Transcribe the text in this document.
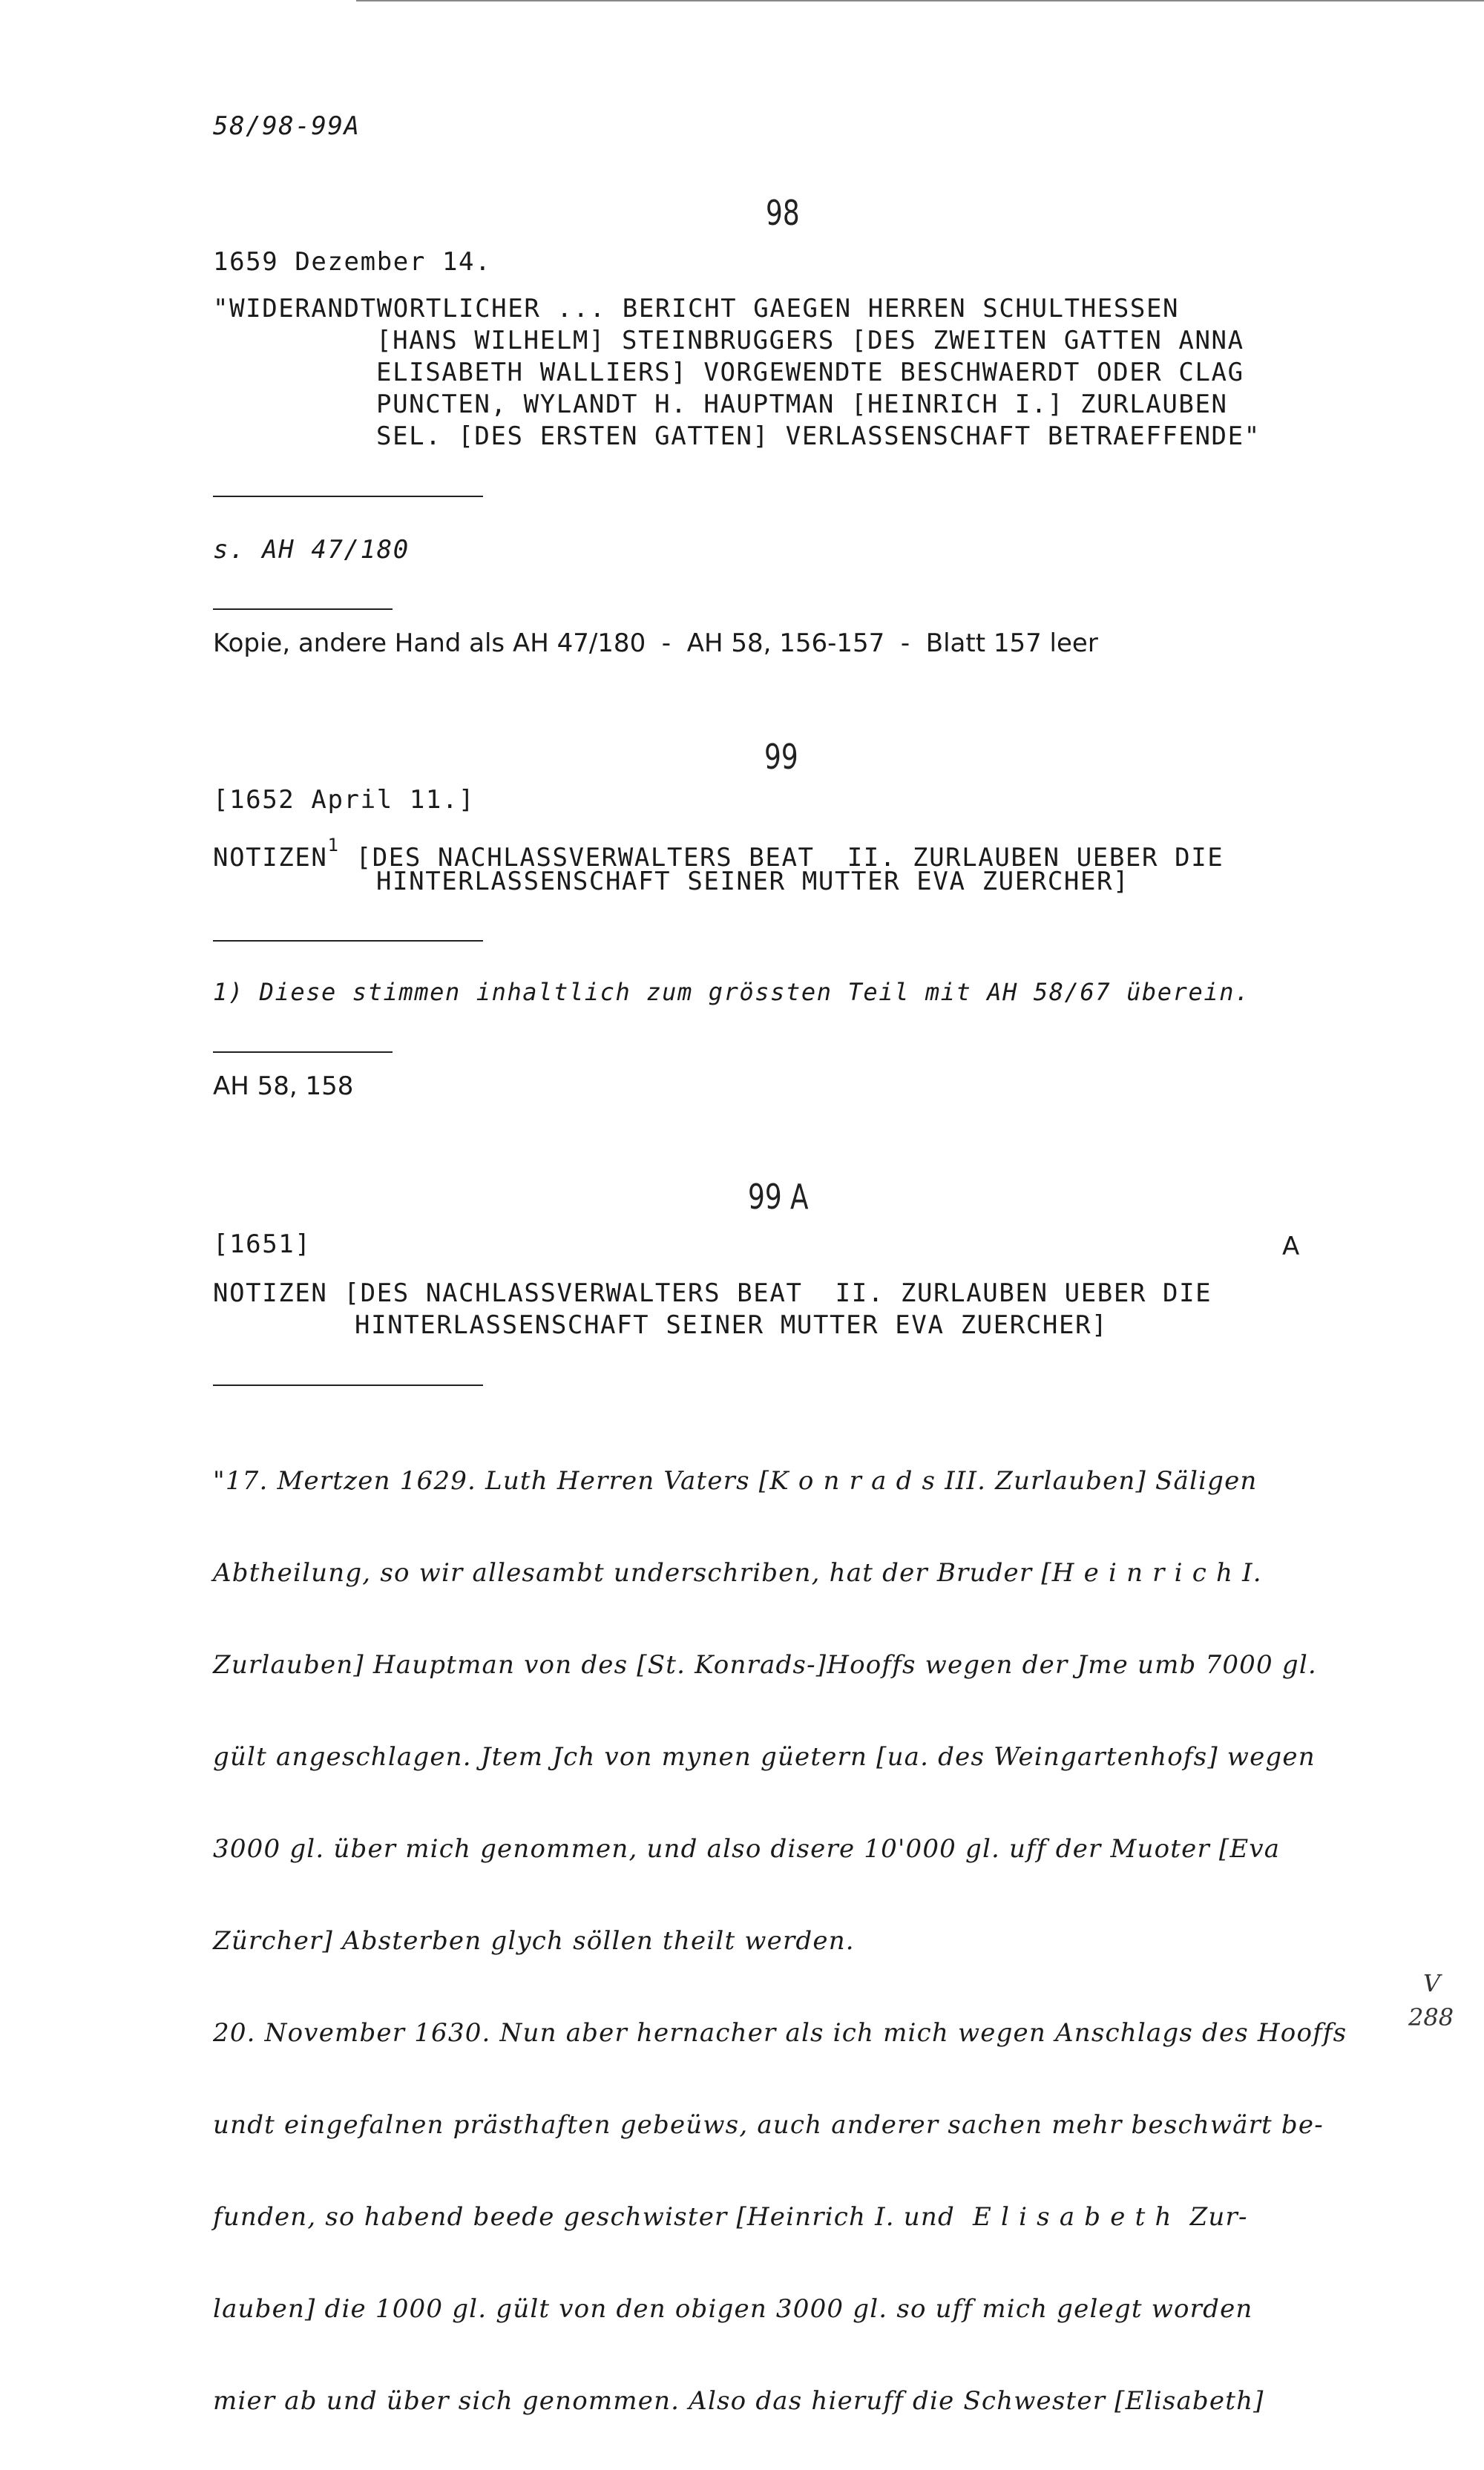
58/98-99A
98
1659 Dezember 14.
"WIDERANDTWORTLICHER ... BERICHT GAEGEN HERREN SCHULTHESSEN
[HANS WILHELM] STEINBRUGGERS [DES ZWEITEN GATTEN ANNA
ELISABETH WALLIERS] VORGEWENDTE BESCHWAERDT ODER CLAG
PUNCTEN, WYLANDT H. HAUPTMAN [HEINRICH I.] ZURLAUBEN
SEL. [DES ERSTEN GATTEN] VERLASSENSCHAFT BETRAEFFENDE"
s. AH 47/180
Kopie, andere Hand als AH 47/180  -  AH 58, 156-157  -  Blatt 157 leer
99
[1652 April 11.]
NOTIZEN$^1$ [DES NACHLASSVERWALTERS BEAT  II. ZURLAUBEN UEBER DIE
HINTERLASSENSCHAFT SEINER MUTTER EVA ZUERCHER]
1) Diese stimmen inhaltlich zum grössten Teil mit AH 58/67 überein.
AH 58, 158
99 A
[1651]	A
NOTIZEN [DES NACHLASSVERWALTERS BEAT  II. ZURLAUBEN UEBER DIE
HINTERLASSENSCHAFT SEINER MUTTER EVA ZUERCHER]

"17. Mertzen 1629. Luth Herren Vaters [K o n r a d s III. Zurlauben] Säligen

Abtheilung, so wir allesambt underschriben, hat der Bruder [H e i n r i c h I.

Zurlauben] Hauptman von des [St. Konrads-]Hooffs wegen der Jme umb 7000 gl.

gült angeschlagen. Jtem Jch von mynen güetern [ua. des Weingartenhofs] wegen

3000 gl. über mich genommen, und also disere 10'000 gl. uff der Muoter [Eva

Zürcher] Absterben glych söllen theilt werden.

20. November 1630. Nun aber hernacher als ich mich wegen Anschlags des Hooffs

undt eingefalnen prästhaften gebeüws, auch anderer sachen mehr beschwärt be-

funden, so habend beede geschwister [Heinrich I. und  E l i s a b e t h  Zur-

lauben] die 1000 gl. gült von den obigen 3000 gl. so uff mich gelegt worden

mier ab und über sich genommen. Also das hieruff die Schwester [Elisabeth]

V
288
